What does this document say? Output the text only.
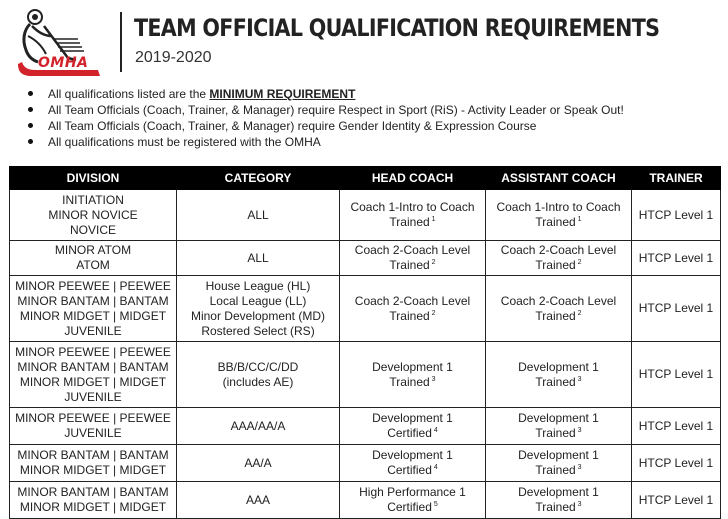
OMHA
TEAM OFFICIAL QUALIFICATION REQUIREMENTS
2019-2020
All qualifications listed are the MINIMUM REQUIREMENT
All Team Officials (Coach, Trainer, & Manager) require Respect in Sport (RiS) - Activity Leader or Speak Out!
All Team Officials (Coach, Trainer, & Manager) require Gender Identity & Expression Course
All qualifications must be registered with the OMHA
DIVISION	CATEGORY	HEAD COACH	ASSISTANT COACH	TRAINER

INITIATION
MINOR NOVICE
NOVICE	ALL	Coach 1-Intro to Coach
Trained $^1$	Coach 1-Intro to Coach
Trained $^1$	HTCP Level 1

MINOR ATOM
ATOM	ALL	Coach 2-Coach Level
Trained $^2$	Coach 2-Coach Level
Trained $^2$	HTCP Level 1

MINOR PEEWEE | PEEWEE
MINOR BANTAM | BANTAM
MINOR MIDGET | MIDGET
JUVENILE	House League (HL)
Local League (LL)
Minor Development (MD)
Rostered Select (RS)	Coach 2-Coach Level
Trained $^2$	Coach 2-Coach Level
Trained $^2$	HTCP Level 1

MINOR PEEWEE | PEEWEE
MINOR BANTAM | BANTAM
MINOR MIDGET | MIDGET
JUVENILE	BB/B/CC/C/DD
(includes AE)	Development 1
Trained $^3$	Development 1
Trained $^3$	HTCP Level 1

MINOR PEEWEE | PEEWEE
JUVENILE	AAA/AA/A	Development 1
Certified $^4$	Development 1
Trained $^3$	HTCP Level 1

MINOR BANTAM | BANTAM
MINOR MIDGET | MIDGET	AA/A	Development 1
Certified $^4$	Development 1
Trained $^3$	HTCP Level 1

MINOR BANTAM | BANTAM
MINOR MIDGET | MIDGET	AAA	High Performance 1
Certified $^5$	Development 1
Trained $^3$	HTCP Level 1
